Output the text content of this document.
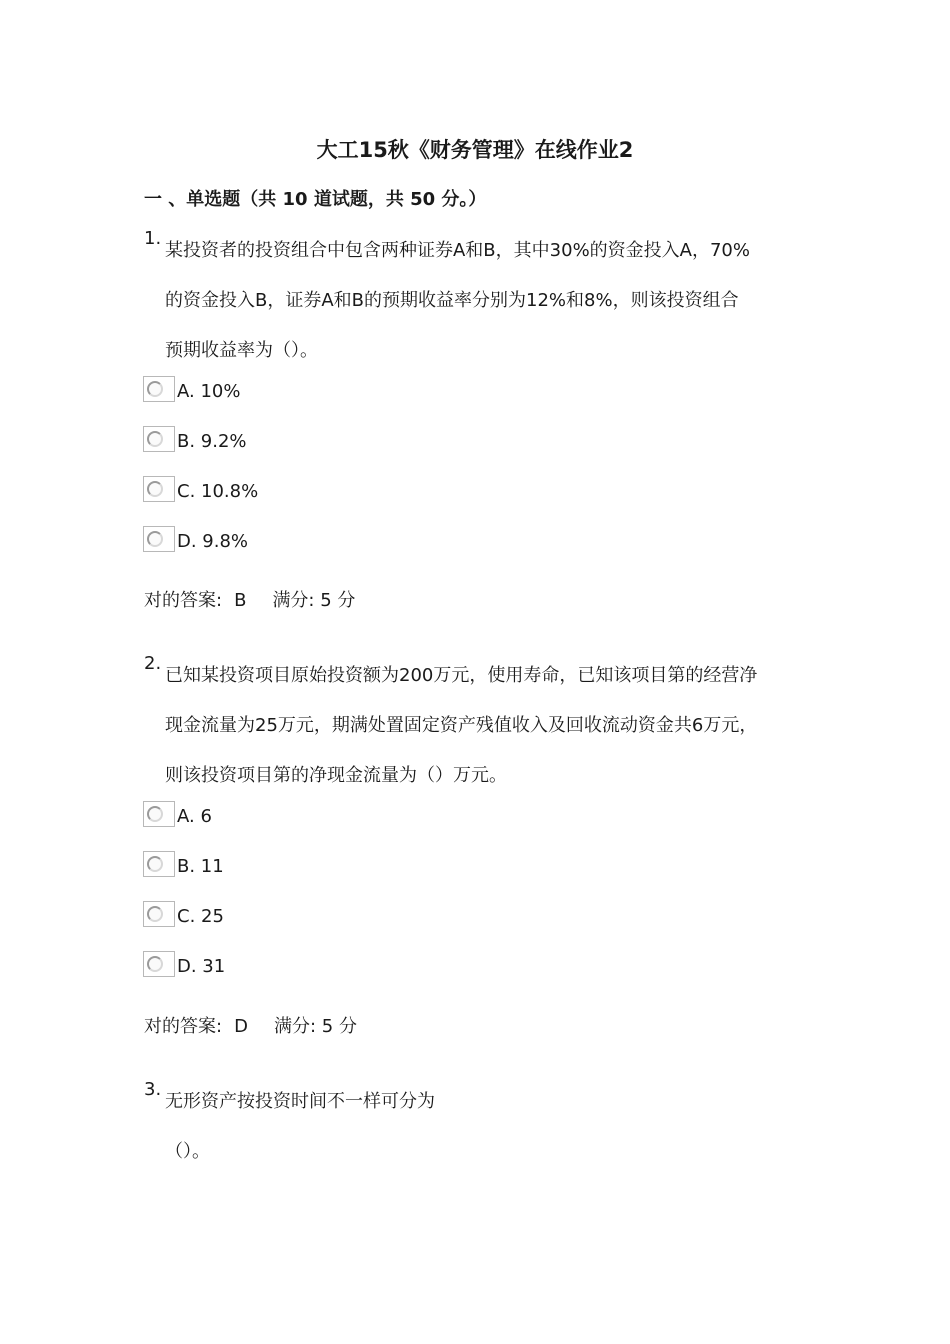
大工15秋《财务管理》在线作业2
一 、单选题（共 10 道试题，共 50 分。）
1.
某投资者的投资组合中包含两种证券A和B，其中30%的资金投入A，70%
的资金投入B，证券A和B的预期收益率分别为12%和8%，则该投资组合
预期收益率为（）。
A. 10%
B. 9.2%
C. 10.8%
D. 9.8%
对的答案: B 满分: 5 分
2.
已知某投资项目原始投资额为200万元，使用寿命，已知该项目第的经营净
现金流量为25万元，期满处置固定资产残值收入及回收流动资金共6万元，
则该投资项目第的净现金流量为（）万元。
A. 6
B. 11
C. 25
D. 31
对的答案: D 满分: 5 分
3.
无形资产按投资时间不一样可分为
（）。
